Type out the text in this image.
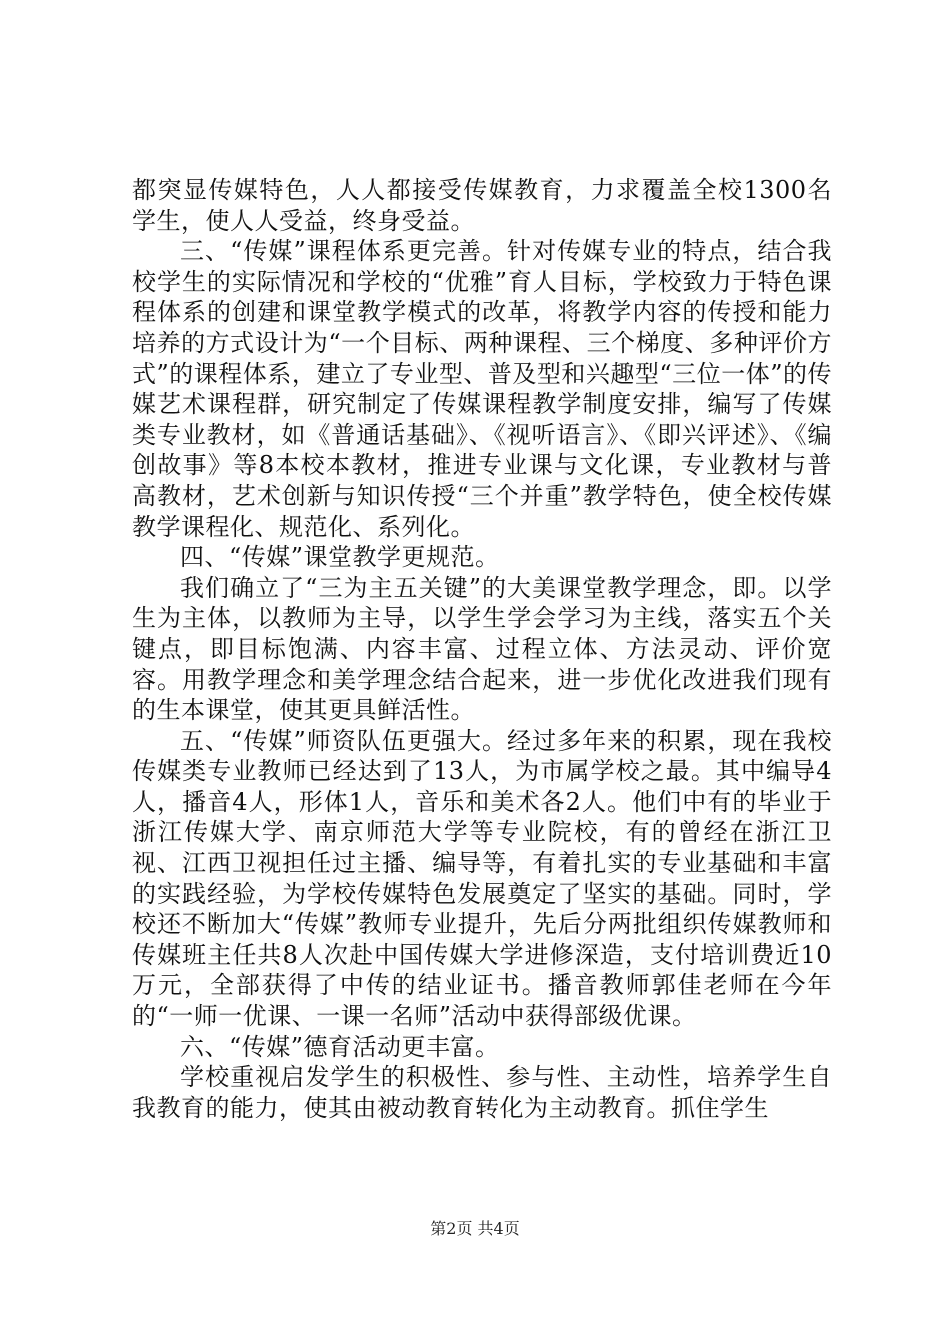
都突显传媒特色，人人都接受传媒教育，力求覆盖全校1300名学生，使人人受益，终身受益。

三、“传媒”课程体系更完善。针对传媒专业的特点，结合我校学生的实际情况和学校的“优雅”育人目标，学校致力于特色课程体系的创建和课堂教学模式的改革，将教学内容的传授和能力培养的方式设计为“一个目标、两种课程、三个梯度、多种评价方式”的课程体系，建立了专业型、普及型和兴趣型“三位一体”的传媒艺术课程群，研究制定了传媒课程教学制度安排，编写了传媒类专业教材，如《普通话基础》、《视听语言》、《即兴评述》、《编创故事》等8本校本教材，推进专业课与文化课，专业教材与普高教材，艺术创新与知识传授“三个并重”教学特色，使全校传媒教学课程化、规范化、系列化。

四、“传媒”课堂教学更规范。

我们确立了“三为主五关键”的大美课堂教学理念，即。以学生为主体，以教师为主导，以学生学会学习为主线，落实五个关键点，即目标饱满、内容丰富、过程立体、方法灵动、评价宽容。用教学理念和美学理念结合起来，进一步优化改进我们现有的生本课堂，使其更具鲜活性。

五、“传媒”师资队伍更强大。经过多年来的积累，现在我校传媒类专业教师已经达到了13人，为市属学校之最。其中编导4人，播音4人，形体1人，音乐和美术各2人。他们中有的毕业于浙江传媒大学、南京师范大学等专业院校，有的曾经在浙江卫视、江西卫视担任过主播、编导等，有着扎实的专业基础和丰富的实践经验，为学校传媒特色发展奠定了坚实的基础。同时，学校还不断加大“传媒”教师专业提升，先后分两批组织传媒教师和传媒班主任共8人次赴中国传媒大学进修深造，支付培训费近10万元，全部获得了中传的结业证书。播音教师郭佳老师在今年的“一师一优课、一课一名师”活动中获得部级优课。

六、“传媒”德育活动更丰富。

学校重视启发学生的积极性、参与性、主动性，培养学生自我教育的能力，使其由被动教育转化为主动教育。抓住学生

第2页 共4页
